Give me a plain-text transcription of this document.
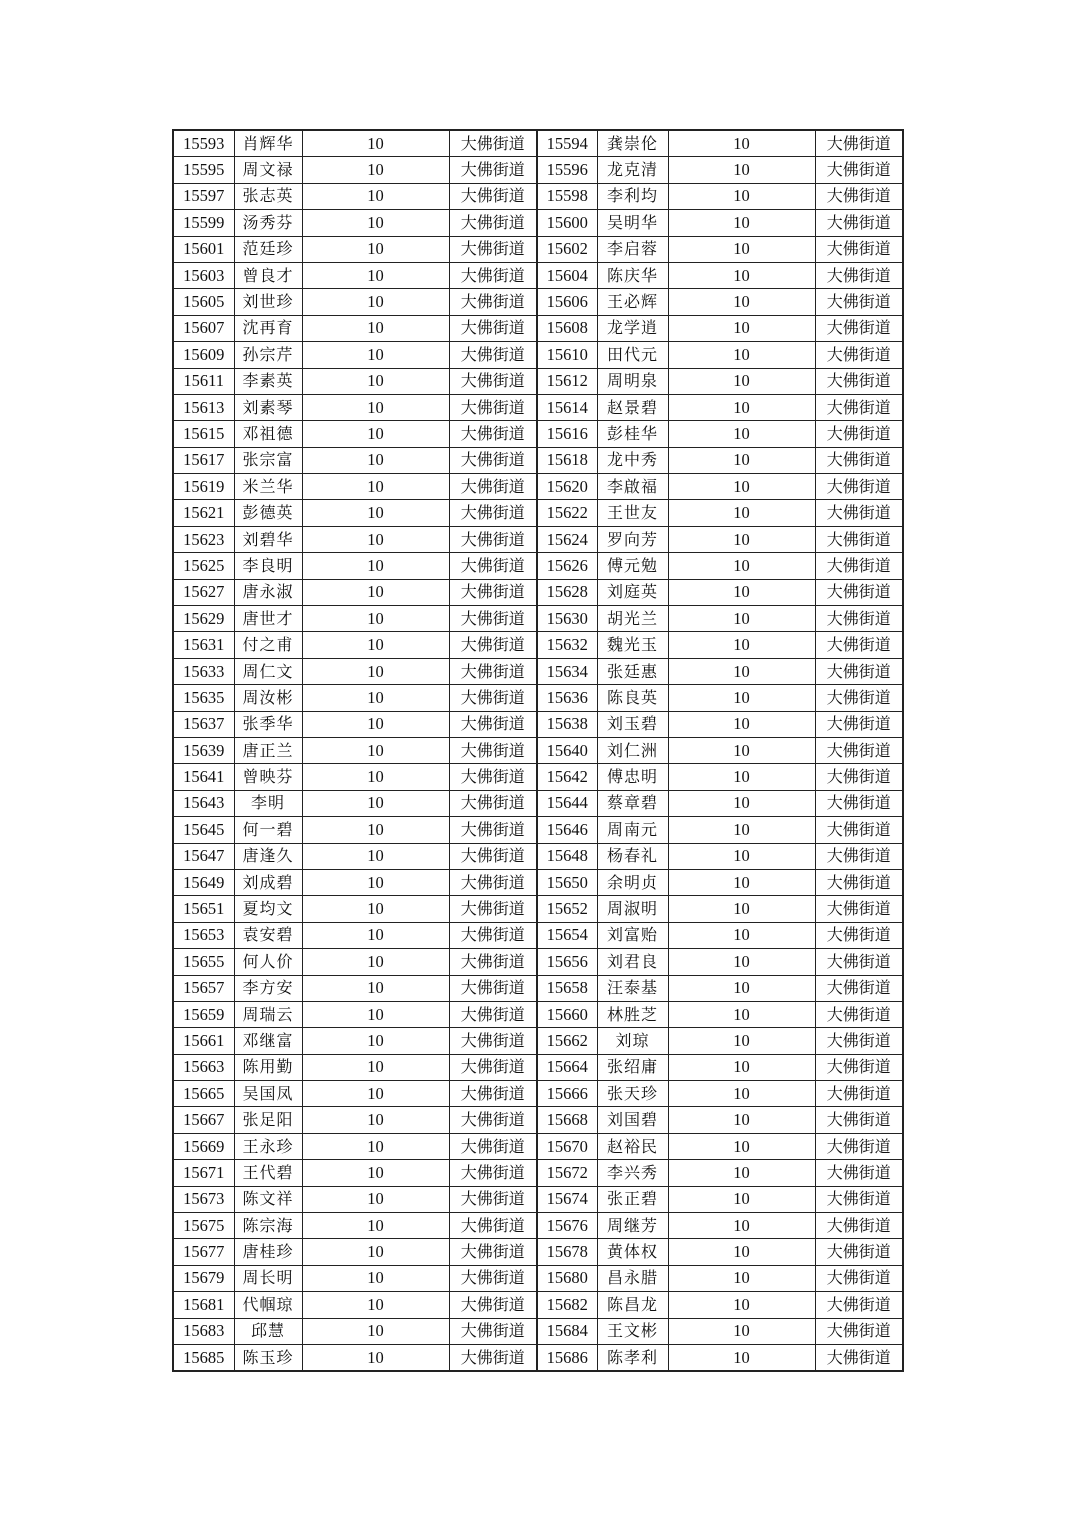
15593	肖辉华	10	大佛街道	15594	龚崇伦	10	大佛街道
15595	周文禄	10	大佛街道	15596	龙克清	10	大佛街道
15597	张志英	10	大佛街道	15598	李利均	10	大佛街道
15599	汤秀芬	10	大佛街道	15600	吴明华	10	大佛街道
15601	范廷珍	10	大佛街道	15602	李启蓉	10	大佛街道
15603	曾良才	10	大佛街道	15604	陈庆华	10	大佛街道
15605	刘世珍	10	大佛街道	15606	王必辉	10	大佛街道
15607	沈再育	10	大佛街道	15608	龙学逍	10	大佛街道
15609	孙宗芹	10	大佛街道	15610	田代元	10	大佛街道
15611	李素英	10	大佛街道	15612	周明泉	10	大佛街道
15613	刘素琴	10	大佛街道	15614	赵景碧	10	大佛街道
15615	邓祖德	10	大佛街道	15616	彭桂华	10	大佛街道
15617	张宗富	10	大佛街道	15618	龙中秀	10	大佛街道
15619	米兰华	10	大佛街道	15620	李啟福	10	大佛街道
15621	彭德英	10	大佛街道	15622	王世友	10	大佛街道
15623	刘碧华	10	大佛街道	15624	罗向芳	10	大佛街道
15625	李良明	10	大佛街道	15626	傅元勉	10	大佛街道
15627	唐永淑	10	大佛街道	15628	刘庭英	10	大佛街道
15629	唐世才	10	大佛街道	15630	胡光兰	10	大佛街道
15631	付之甫	10	大佛街道	15632	魏光玉	10	大佛街道
15633	周仁文	10	大佛街道	15634	张廷惠	10	大佛街道
15635	周汝彬	10	大佛街道	15636	陈良英	10	大佛街道
15637	张季华	10	大佛街道	15638	刘玉碧	10	大佛街道
15639	唐正兰	10	大佛街道	15640	刘仁洲	10	大佛街道
15641	曾映芬	10	大佛街道	15642	傅忠明	10	大佛街道
15643	李明	10	大佛街道	15644	蔡章碧	10	大佛街道
15645	何一碧	10	大佛街道	15646	周南元	10	大佛街道
15647	唐逢久	10	大佛街道	15648	杨春礼	10	大佛街道
15649	刘成碧	10	大佛街道	15650	余明贞	10	大佛街道
15651	夏均文	10	大佛街道	15652	周淑明	10	大佛街道
15653	袁安碧	10	大佛街道	15654	刘富贻	10	大佛街道
15655	何人价	10	大佛街道	15656	刘君良	10	大佛街道
15657	李方安	10	大佛街道	15658	汪泰基	10	大佛街道
15659	周瑞云	10	大佛街道	15660	林胜芝	10	大佛街道
15661	邓继富	10	大佛街道	15662	刘琼	10	大佛街道
15663	陈用勤	10	大佛街道	15664	张绍庸	10	大佛街道
15665	吴国凤	10	大佛街道	15666	张天珍	10	大佛街道
15667	张足阳	10	大佛街道	15668	刘国碧	10	大佛街道
15669	王永珍	10	大佛街道	15670	赵裕民	10	大佛街道
15671	王代碧	10	大佛街道	15672	李兴秀	10	大佛街道
15673	陈文祥	10	大佛街道	15674	张正碧	10	大佛街道
15675	陈宗海	10	大佛街道	15676	周继芳	10	大佛街道
15677	唐桂珍	10	大佛街道	15678	黄体权	10	大佛街道
15679	周长明	10	大佛街道	15680	昌永腊	10	大佛街道
15681	代帼琼	10	大佛街道	15682	陈昌龙	10	大佛街道
15683	邱慧	10	大佛街道	15684	王文彬	10	大佛街道
15685	陈玉珍	10	大佛街道	15686	陈孝利	10	大佛街道
